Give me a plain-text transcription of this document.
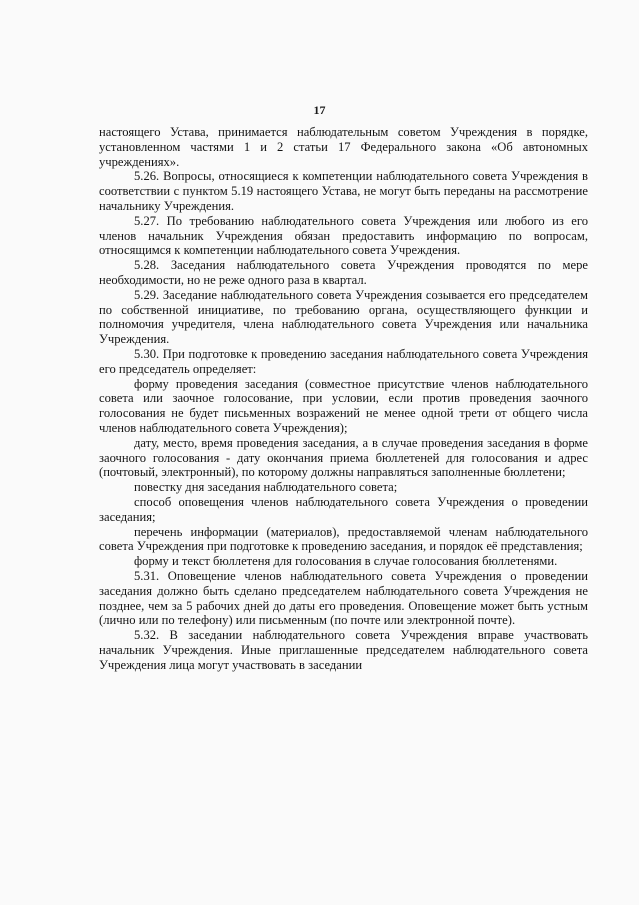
17

настоящего Устава, принимается наблюдательным советом Учреждения в порядке, установленном частями 1 и 2 статьи 17 Федерального закона «Об автономных учреждениях».

5.26. Вопросы, относящиеся к компетенции наблюдательного совета Учреждения в соответствии с пунктом 5.19 настоящего Устава, не могут быть переданы на рассмотрение начальнику Учреждения.

5.27. По требованию наблюдательного совета Учреждения или любого из его членов начальник Учреждения обязан предоставить информацию по вопросам, относящимся к компетенции наблюдательного совета Учреждения.

5.28. Заседания наблюдательного совета Учреждения проводятся по мере необходимости, но не реже одного раза в квартал.

5.29. Заседание наблюдательного совета Учреждения созывается его председателем по собственной инициативе, по требованию органа, осуществляющего функции и полномочия учредителя, члена наблюдательного совета Учреждения или начальника Учреждения.

5.30. При подготовке к проведению заседания наблюдательного совета Учреждения его председатель определяет:

форму проведения заседания (совместное присутствие членов наблюдательного совета или заочное голосование, при условии, если против проведения заочного голосования не будет письменных возражений не менее одной трети от общего числа членов наблюдательного совета Учреждения);

дату, место, время проведения заседания, а в случае проведения заседания в форме заочного голосования - дату окончания приема бюллетеней для голосования и адрес (почтовый, электронный), по которому должны направляться заполненные бюллетени;

повестку дня заседания наблюдательного совета;

способ оповещения членов наблюдательного совета Учреждения о проведении заседания;

перечень информации (материалов), предоставляемой членам наблюдательного совета Учреждения при подготовке к проведению заседания, и порядок её представления;

форму и текст бюллетеня для голосования в случае голосования бюллетенями.

5.31. Оповещение членов наблюдательного совета Учреждения о проведении заседания должно быть сделано председателем наблюдательного совета Учреждения не позднее, чем за 5 рабочих дней до даты его проведения. Оповещение может быть устным (лично или по телефону) или письменным (по почте или электронной почте).

5.32. В заседании наблюдательного совета Учреждения вправе участвовать начальник Учреждения. Иные приглашенные председателем наблюдательного совета Учреждения лица могут участвовать в заседании
